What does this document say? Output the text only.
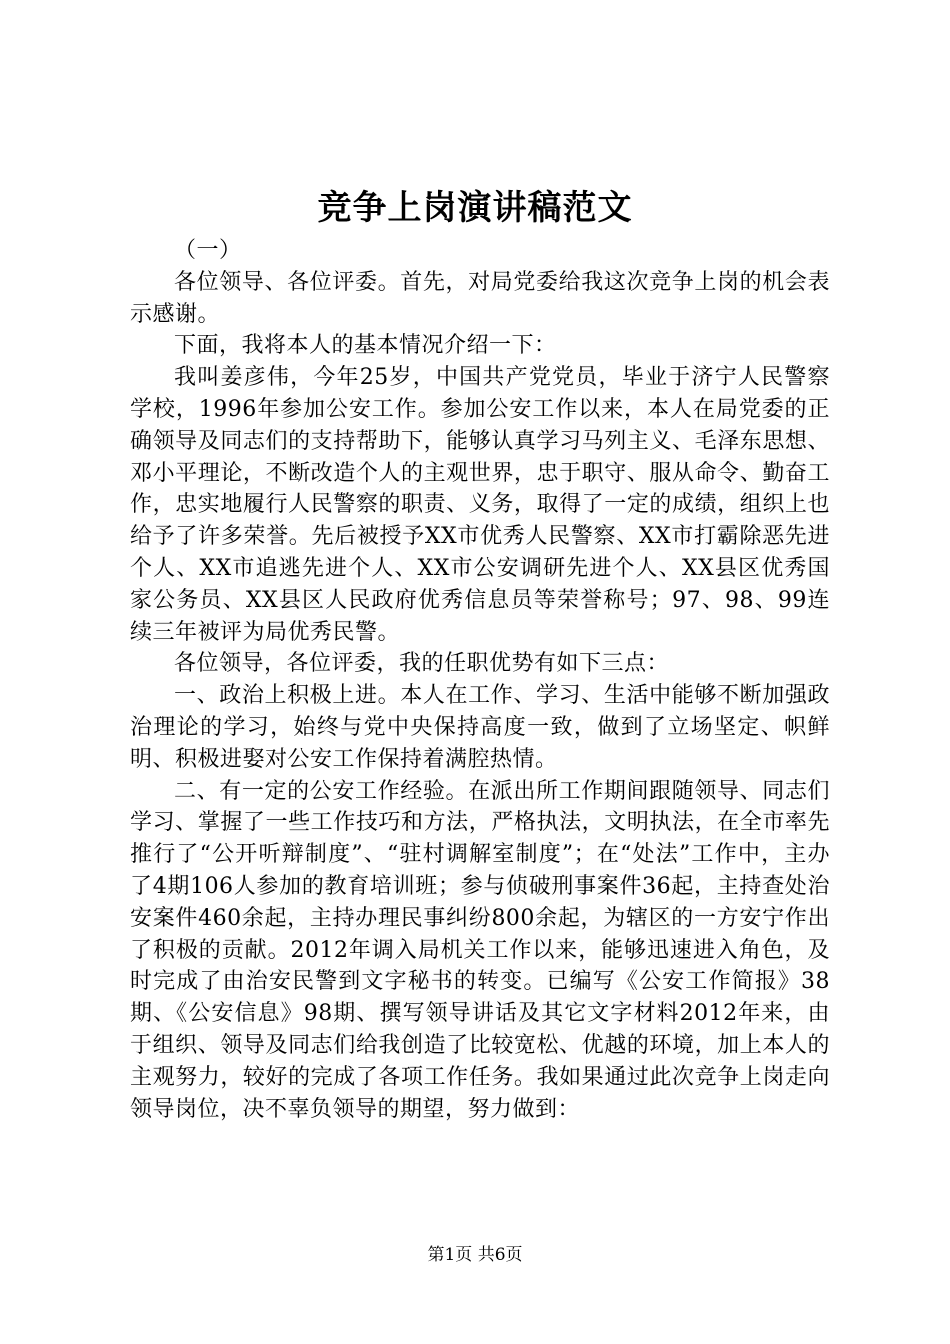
竞争上岗演讲稿范文

（一）

各位领导、各位评委。首先，对局党委给我这次竞争上岗的机会表示感谢。

下面，我将本人的基本情况介绍一下：

我叫姜彦伟，今年25岁，中国共产党党员，毕业于济宁人民警察学校，1996年参加公安工作。参加公安工作以来，本人在局党委的正确领导及同志们的支持帮助下，能够认真学习马列主义、毛泽东思想、邓小平理论，不断改造个人的主观世界，忠于职守、服从命令、勤奋工作，忠实地履行人民警察的职责、义务，取得了一定的成绩，组织上也给予了许多荣誉。先后被授予XX市优秀人民警察、XX市打霸除恶先进个人、XX市追逃先进个人、XX市公安调研先进个人、XX县区优秀国家公务员、XX县区人民政府优秀信息员等荣誉称号；97、98、99连续三年被评为局优秀民警。

各位领导，各位评委，我的任职优势有如下三点：

一、政治上积极上进。本人在工作、学习、生活中能够不断加强政治理论的学习，始终与党中央保持高度一致，做到了立场坚定、帜鲜明、积极进娶对公安工作保持着满腔热情。

二、有一定的公安工作经验。在派出所工作期间跟随领导、同志们学习、掌握了一些工作技巧和方法，严格执法，文明执法，在全市率先推行了“公开听辩制度”、“驻村调解室制度”；在“处法”工作中，主办了4期106人参加的教育培训班；参与侦破刑事案件36起，主持查处治安案件460余起，主持办理民事纠纷800余起，为辖区的一方安宁作出了积极的贡献。2012年调入局机关工作以来，能够迅速进入角色，及时完成了由治安民警到文字秘书的转变。已编写《公安工作简报》38期、《公安信息》98期、撰写领导讲话及其它文字材料2012年来，由于组织、领导及同志们给我创造了比较宽松、优越的环境，加上本人的主观努力，较好的完成了各项工作任务。我如果通过此次竞争上岗走向领导岗位，决不辜负领导的期望，努力做到：

第1页 共6页
